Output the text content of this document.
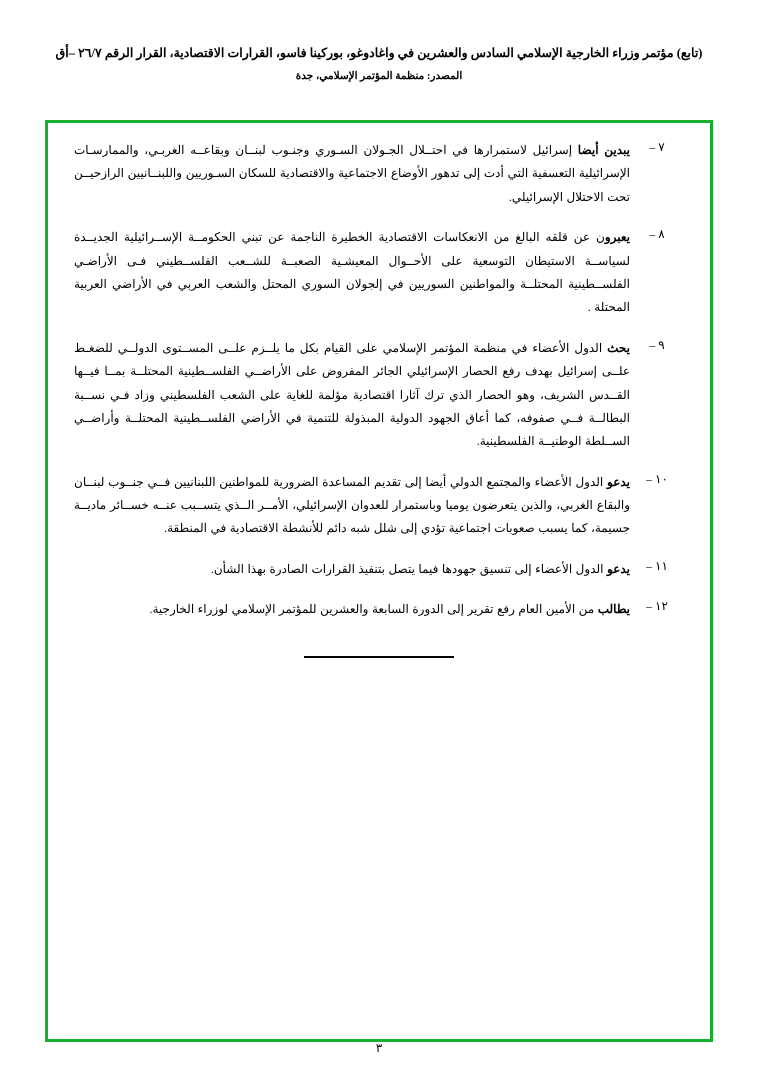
(تابع) مؤتمر وزراء الخارجية الإسلامي السادس والعشرين في واغادوغو، بوركينا فاسو، القرارات الاقتصادية، القرار الرقم ٢٦/٧ –أق
المصدر: منظمة المؤتمر الإسلامي، جدة
٧ –
يبدين أيضا إسرائيل لاستمرارها في احتــلال الجـولان السـوري وجنـوب لبنــان وبقاعــه الغربـي، والممارسـات الإسرائيلية التعسفية التي أدت إلى تدهور الأوضاع الاجتماعية والاقتصادية للسكان السـوريين واللبنــانيين الرازحيــن تحت الاحتلال الإسرائيلي.
٨ –
يعبرون عن قلقه البالغ من الانعكاسات الاقتصادية الخطيرة الناجمة عن تبني الحكومــة الإســرائيلية الجديــدة لسياســة الاستيطان التوسعية على الأحــوال المعيشـية الصعبــة للشــعب الفلســطيني فـى الأراضـي الفلســطينية المحتلــة والمواطنين السوريين في إلجولان السوري المحتل والشعب العربي في الأراضي العربية المحتلة .
٩ –
يحث الدول الأعضاء في منظمة المؤتمر الإسلامي على القيام بكل ما يلــزم علــى المســتوى الدولــي للضغـط علــى إسرائيل بهدف رفع الحصار الإسرائيلي الجائر المفروض على الأراضــي الفلســطينية المحتلــة بمــا فيــها القــدس الشريف، وهو الحصار الذي ترك آثارا اقتصادية مؤلمة للغاية على الشعب الفلسطيني وزاد فـي نســبة البطالــة فــي صفوفه، كما أعاق الجهود الدولية المبذولة للتنمية في الأراضي الفلســطينية المحتلــة وأراضــي الســلطة الوطنيــة الفلسطينية.
١٠ –
يدعو الدول الأعضاء والمجتمع الدولي أيضا إلى تقديم المساعدة الضرورية للمواطنين اللبنانيين فــي جنــوب لبنــان والبقاع الغربي، والذين يتعرضون يوميا وباستمرار للعدوان الإسرائيلي، الأمــر الــذي يتســبب عنــه خســائر ماديــة جسيمة، كما يسبب صعوبات اجتماعية تؤدي إلى شلل شبه دائم للأنشطة الاقتصادية في المنطقة.
١١ –
يدعو الدول الأعضاء إلى تنسيق جهودها فيما يتصل بتنفيذ القرارات الصادرة بهذا الشأن.
١٢ –
يطالب من الأمين العام رفع تقرير إلى الدورة السابعة والعشرين للمؤتمر الإسلامي لوزراء الخارجية.
٣
